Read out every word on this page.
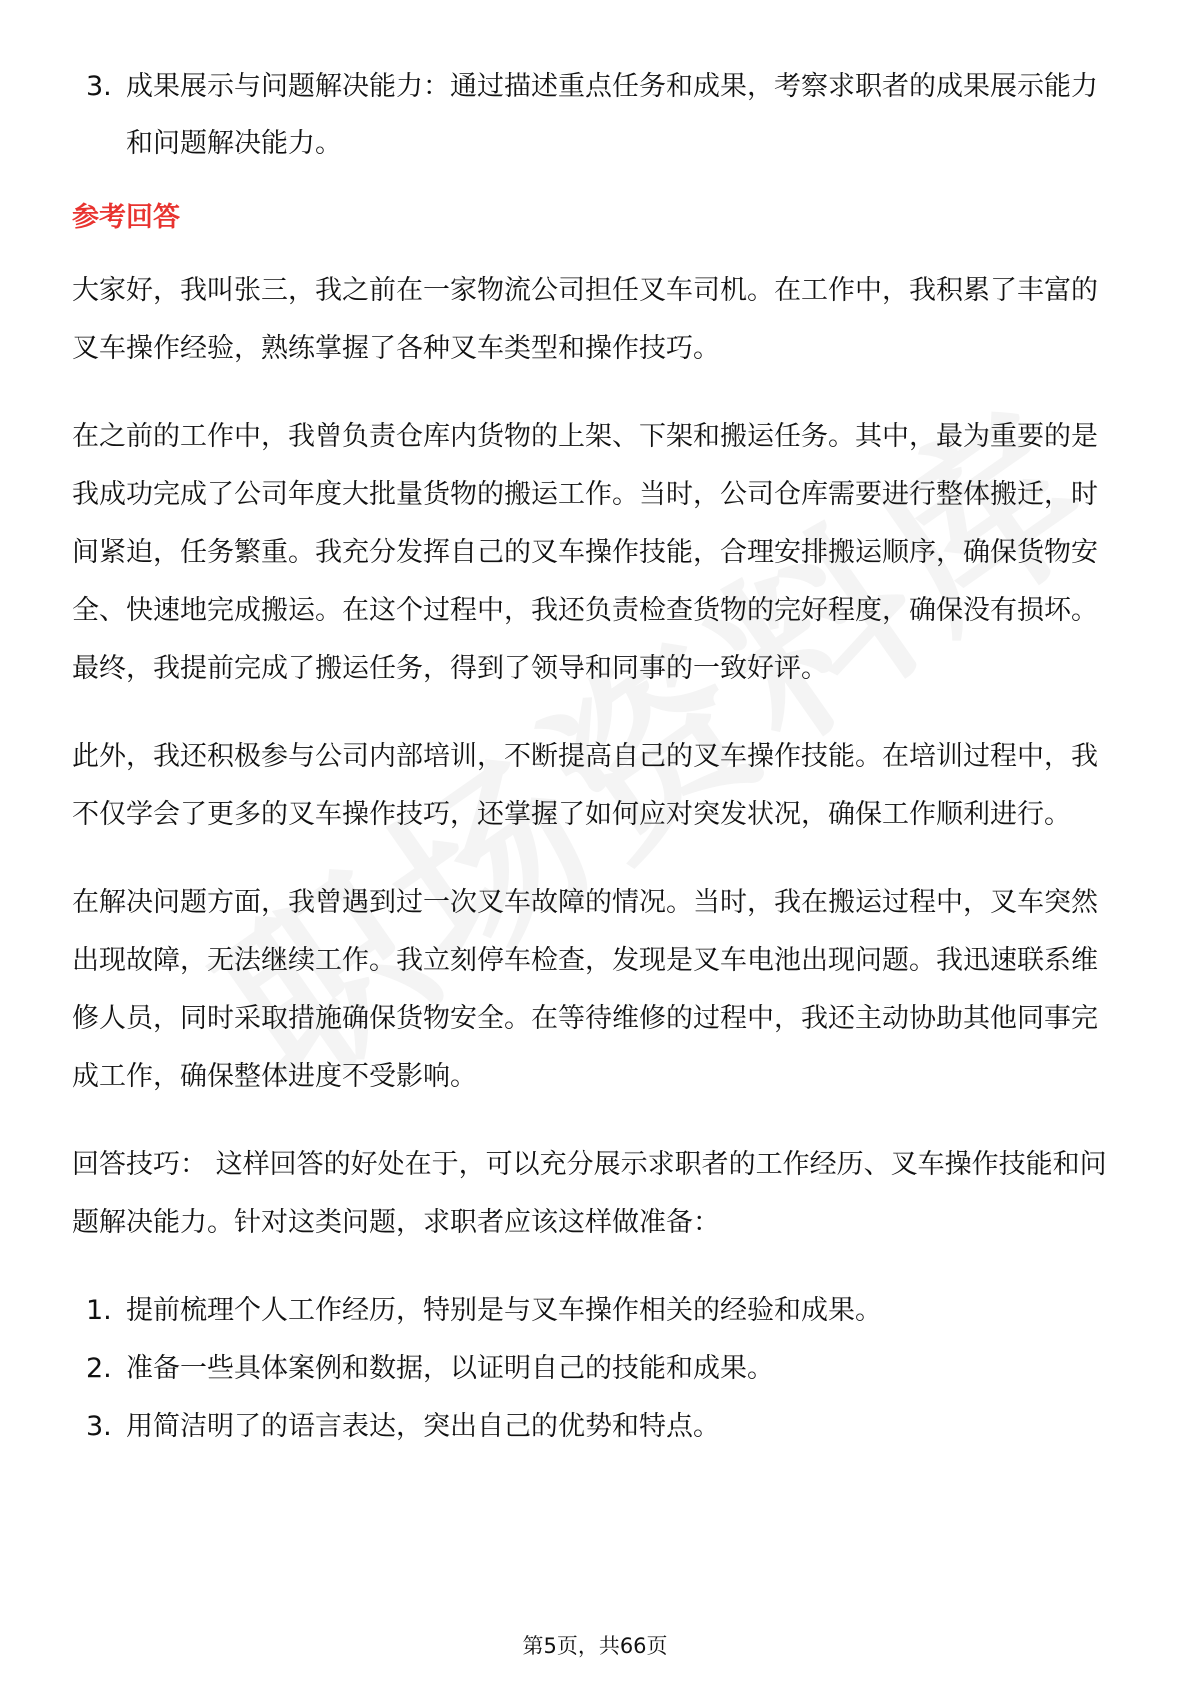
3. 成果展示与问题解决能力：通过描述重点任务和成果，考察求职者的成果展示能力和问题解决能力。
参考回答

大家好，我叫张三，我之前在一家物流公司担任叉车司机。在工作中，我积累了丰富的叉车操作经验，熟练掌握了各种叉车类型和操作技巧。

在之前的工作中，我曾负责仓库内货物的上架、下架和搬运任务。其中，最为重要的是我成功完成了公司年度大批量货物的搬运工作。当时，公司仓库需要进行整体搬迁，时间紧迫，任务繁重。我充分发挥自己的叉车操作技能，合理安排搬运顺序，确保货物安全、快速地完成搬运。在这个过程中，我还负责检查货物的完好程度，确保没有损坏。最终，我提前完成了搬运任务，得到了领导和同事的一致好评。

此外，我还积极参与公司内部培训，不断提高自己的叉车操作技能。在培训过程中，我不仅学会了更多的叉车操作技巧，还掌握了如何应对突发状况，确保工作顺利进行。

在解决问题方面，我曾遇到过一次叉车故障的情况。当时，我在搬运过程中，叉车突然出现故障，无法继续工作。我立刻停车检查，发现是叉车电池出现问题。我迅速联系维修人员，同时采取措施确保货物安全。在等待维修的过程中，我还主动协助其他同事完成工作，确保整体进度不受影响。

回答技巧： 这样回答的好处在于，可以充分展示求职者的工作经历、叉车操作技能和问题解决能力。针对这类问题，求职者应该这样做准备：

1. 提前梳理个人工作经历，特别是与叉车操作相关的经验和成果。
2. 准备一些具体案例和数据，以证明自己的技能和成果。
3. 用简洁明了的语言表达，突出自己的优势和特点。
第5页，共66页
